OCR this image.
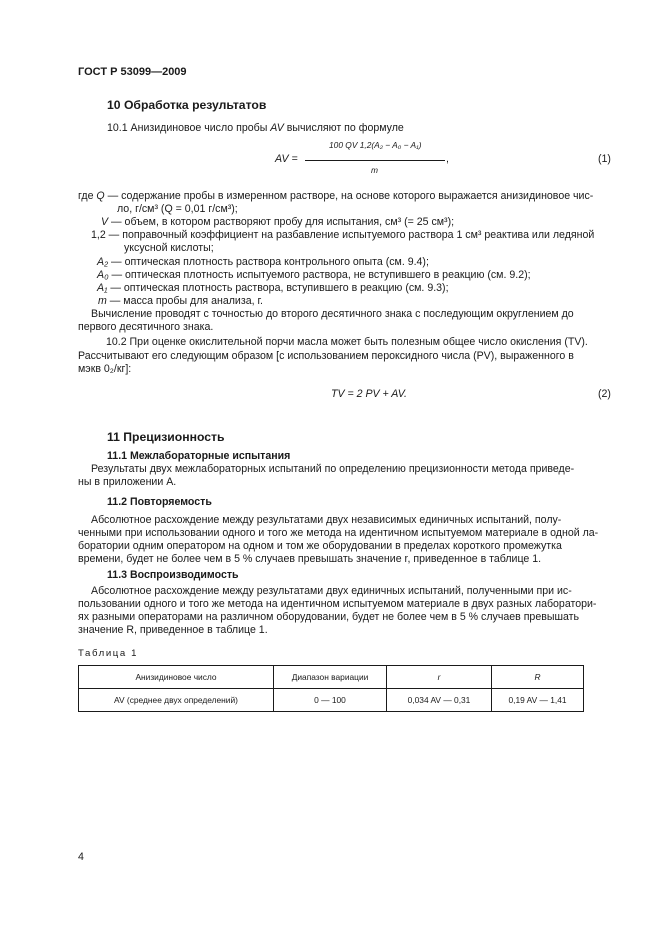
ГОСТ Р 53099—2009
10 Обработка результатов
10.1 Анизидиновое число пробы AV вычисляют по формуле
AV =
100 QV 1,2(A₂ − A₀ − A₁)
m
,	(1)
где Q — содержание пробы в измеренном растворе, на основе которого выражается анизидиновое чис-
ло, г/см³ (Q = 0,01 г/см³);
V — объем, в котором растворяют пробу для испытания, см³ (= 25 см³);
1,2 — поправочный коэффициент на разбавление испытуемого раствора 1 см³ реактива или ледяной
уксусной кислоты;
A₂ — оптическая плотность раствора контрольного опыта (см. 9.4);
A₀ — оптическая плотность испытуемого раствора, не вступившего в реакцию (см. 9.2);
A₁ — оптическая плотность раствора, вступившего в реакцию (см. 9.3);
m — масса пробы для анализа, г.
Вычисление проводят с точностью до второго десятичного знака с последующим округлением до
первого десятичного знака.
10.2 При оценке окислительной порчи масла может быть полезным общее число окисления (TV).
Рассчитывают его следующим образом [с использованием пероксидного числа (PV), выраженного в
мэкв 0₂/кг]:
TV = 2 PV + AV.	(2)
11 Прецизионность
11.1 Межлабораторные испытания
Результаты двух межлабораторных испытаний по определению прецизионности метода приведе-
ны в приложении А.
11.2 Повторяемость
Абсолютное расхождение между результатами двух независимых единичных испытаний, полу-
ченными при использовании одного и того же метода на идентичном испытуемом материале в одной ла-
боратории одним оператором на одном и том же оборудовании в пределах короткого промежутка
времени, будет не более чем в 5 % случаев превышать значение r, приведенное в таблице 1.
11.3 Воспроизводимость
Абсолютное расхождение между результатами двух единичных испытаний, полученными при ис-
пользовании одного и того же метода на идентичном испытуемом материале в двух разных лаборатори-
ях разными операторами на различном оборудовании, будет не более чем в 5 % случаев превышать
значение R, приведенное в таблице 1.
Таблица 1
Анизидиновое число	Диапазон вариации	r	R
AV (среднее двух определений)	0 — 100	0,034 AV — 0,31	0,19 AV — 1,41
4
